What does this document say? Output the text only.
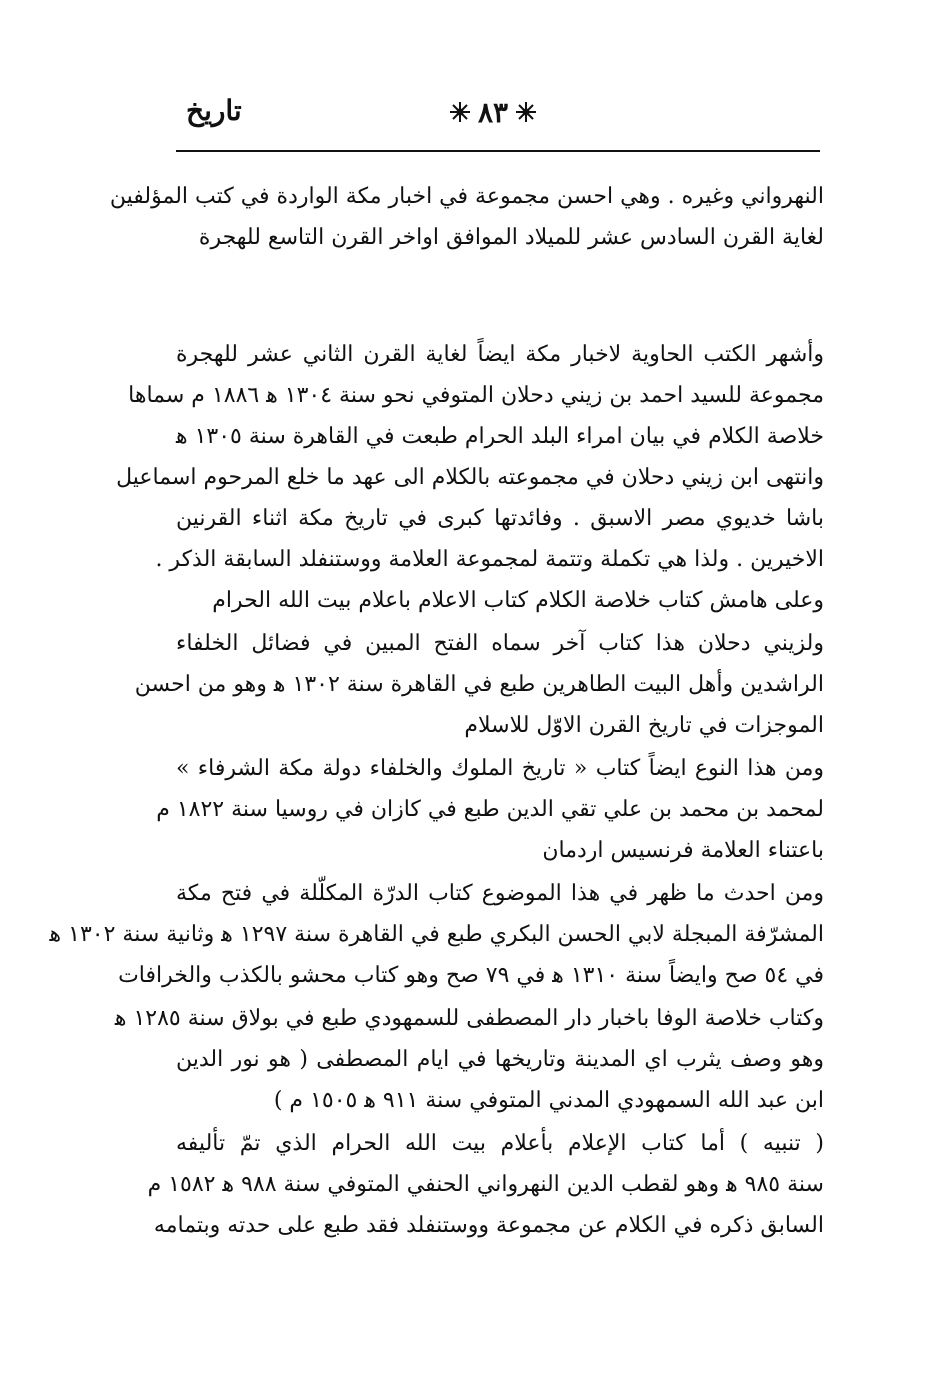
تاريخ	٨٣
النهرواني وغيره . وهي احسن مجموعة في اخبار مكة الواردة في كتب المؤلفين
لغاية القرن السادس عشر للميلاد الموافق اواخر القرن التاسع للهجرة
وأشهر الكتب الحاوية لاخبار مكة ايضاً لغاية القرن الثاني عشر للهجرة
مجموعة للسيد احمد بن زيني دحلان المتوفي نحو سنة ١٣٠٤ ﻫ ١٨٨٦ م سماها
خلاصة الكلام في بيان امراء البلد الحرام طبعت في القاهرة سنة ١٣٠٥ ﻫ
وانتهى ابن زيني دحلان في مجموعته بالكلام الى عهد ما خلع المرحوم اسماعيل
باشا خديوي مصر الاسبق . وفائدتها كبرى في تاريخ مكة اثناء القرنين
الاخيرين . ولذا هي تكملة وتتمة لمجموعة العلامة ووستنفلد السابقة الذكر .
وعلى هامش كتاب خلاصة الكلام كتاب الاعلام باعلام بيت الله الحرام
ولزيني دحلان هذا كتاب آخر سماه الفتح المبين في فضائل الخلفاء
الراشدين وأهل البيت الطاهرين طبع في القاهرة سنة ١٣٠٢ ﻫ وهو من احسن
الموجزات في تاريخ القرن الاوّل للاسلام
ومن هذا النوع ايضاً كتاب « تاريخ الملوك والخلفاء دولة مكة الشرفاء »
لمحمد بن محمد بن علي تقي الدين طبع في كازان في روسيا سنة ١٨٢٢ م
باعتناء العلامة فرنسيس اردمان
ومن احدث ما ظهر في هذا الموضوع كتاب الدرّة المكلّلة في فتح مكة
المشرّفة المبجلة لابي الحسن البكري طبع في القاهرة سنة ١٢٩٧ ﻫ وثانية سنة ١٣٠٢ ﻫ
في ٥٤ صح وايضاً سنة ١٣١٠ ﻫ في ٧٩ صح وهو كتاب محشو بالكذب والخرافات
وكتاب خلاصة الوفا باخبار دار المصطفى للسمهودي طبع في بولاق سنة ١٢٨٥ ﻫ
وهو وصف يثرب اي المدينة وتاريخها في ايام المصطفى ( هو نور الدين
ابن عبد الله السمهودي المدني المتوفي سنة ٩١١ ﻫ ١٥٠٥ م )
( تنبيه ) أما كتاب الإعلام بأعلام بيت الله الحرام الذي تمّ تأليفه
سنة ٩٨٥ ﻫ وهو لقطب الدين النهرواني الحنفي المتوفي سنة ٩٨٨ ﻫ ١٥٨٢ م
السابق ذكره في الكلام عن مجموعة ووستنفلد فقد طبع على حدته وبتمامه
